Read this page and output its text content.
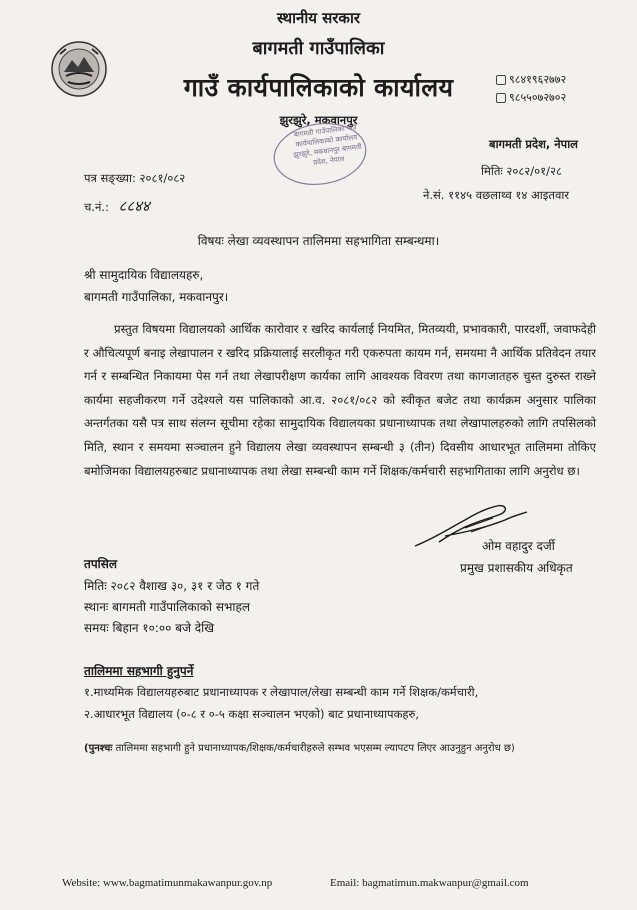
स्थानीय सरकार
बागमती गाउँपालिका
गाउँ कार्यपालिकाको कार्यालय
झुरझुरे, मकवानपुर
९८४१९६२७७२
९८५५०७२७०२
बागमती प्रदेश, नेपाल
बागमती गाउँपालिका गाउँ कार्यपालिकाको कार्यालय झुरझुरे, मकवानपुर बागमती प्रदेश, नेपाल
पत्र सङ्ख्या: २०८१/०८२
च.नं.: ८८४४
मितिः २०८२/०१/२८
ने.सं. ११४५ वछलाथ्व १४ आइतवार
विषयः लेखा व्यवस्थापन तालिममा सहभागिता सम्बन्धमा।
श्री सामुदायिक विद्यालयहरु,
बागमती गाउँपालिका, मकवानपुर।
प्रस्तुत विषयमा विद्यालयको आर्थिक कारोवार र खरिद कार्यलाई नियमित, मितव्ययी, प्रभावकारी, पारदर्शी, जवाफदेही र औचित्यपूर्ण बनाइ लेखापालन र खरिद प्रक्रियालाई सरलीकृत गरी एकरुपता कायम गर्न, समयमा नै आर्थिक प्रतिवेदन तयार गर्न र सम्बन्धित निकायमा पेस गर्न तथा लेखापरीक्षण कार्यका लागि आवश्यक विवरण तथा कागजातहरु चुस्त दुरुस्त राख्ने कार्यमा सहजीकरण गर्ने उदेश्यले यस पालिकाको आ.व. २०८१/०८२ को स्वीकृत बजेट तथा कार्यक्रम अनुसार पालिका अन्तर्गतका यसै पत्र साथ संलग्न सूचीमा रहेका सामुदायिक विद्यालयका प्रधानाध्यापक तथा लेखापालहरुको लागि तपसिलको मिति, स्थान र समयमा सञ्चालन हुने विद्यालय लेखा व्यवस्थापन सम्बन्धी ३ (तीन) दिवसीय आधारभूत तालिममा तोकिए बमोजिमका विद्यालयहरुबाट प्रधानाध्यापक तथा लेखा सम्बन्धी काम गर्ने शिक्षक/कर्मचारी सहभागिताका लागि अनुरोध छ।
ओम वहादुर दर्जी
प्रमुख प्रशासकीय अधिकृत
तपसिल
मितिः २०८२ वैशाख ३०, ३१ र जेठ १ गते
स्थानः बागमती गाउँपालिकाको सभाहल
समयः बिहान १०:०० बजे देखि
तालिममा सहभागी हुनुपर्ने
१.माध्यमिक विद्यालयहरुबाट प्रधानाध्यापक र लेखापाल/लेखा सम्बन्धी काम गर्ने शिक्षक/कर्मचारी,
२.आधारभूत विद्यालय (०-८ र ०-५ कक्षा सञ्चालन भएको) बाट प्रधानाध्यापकहरु,
(पुनश्चः तालिममा सहभागी हुने प्रधानाध्यापक/शिक्षक/कर्मचारीहरुले सम्भव भएसम्म ल्यापटप लिएर आउनुहुन अनुरोध छ)
Website: www.bagmatimunmakawanpur.gov.np	Email: bagmatimun.makwanpur@gmail.com
